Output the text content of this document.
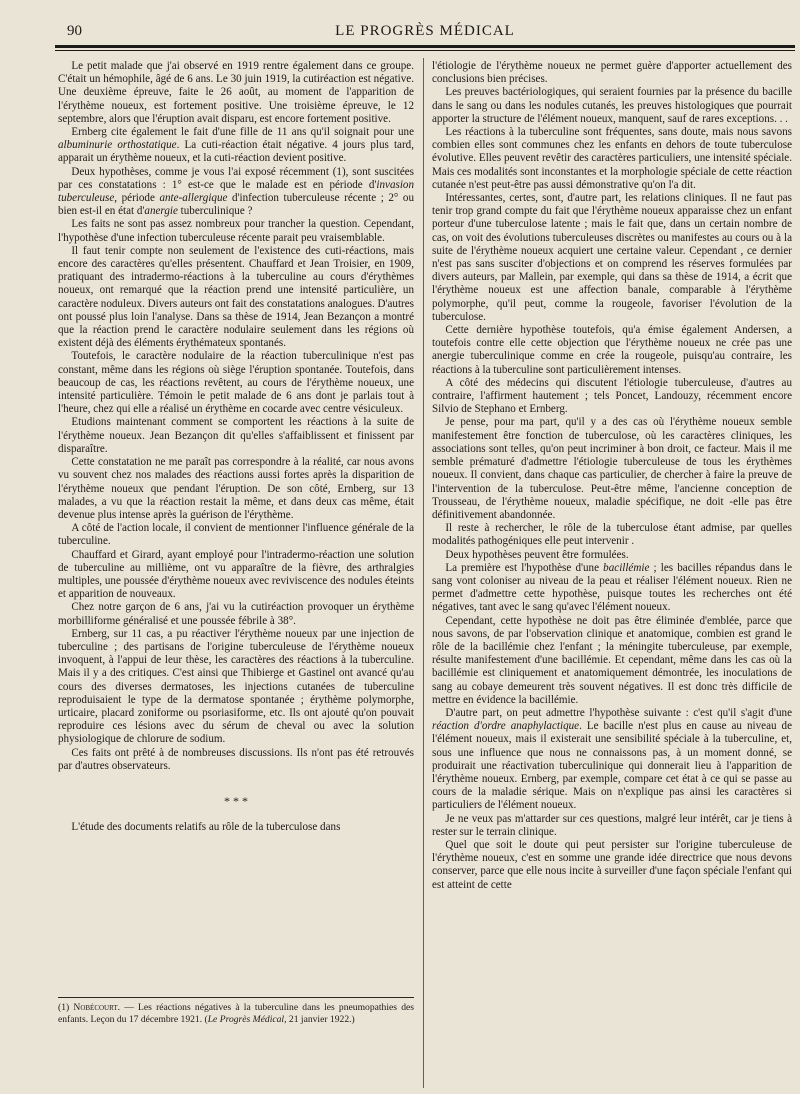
90	LE PROGRÈS MÉDICAL

Le petit malade que j'ai observé en 1919 rentre également dans ce groupe. C'était un hémophile, âgé de 6 ans. Le 30 juin 1919, la cutiréaction est négative. Une deuxième épreuve, faite le 26 août, au moment de l'apparition de l'érythème noueux, est fortement positive. Une troisième épreuve, le 12 septembre, alors que l'éruption avait disparu, est encore fortement positive.

Ernberg cite également le fait d'une fille de 11 ans qu'il soignait pour une albuminurie orthostatique. La cuti-réaction était négative. 4 jours plus tard, apparait un érythème noueux, et la cuti-réaction devient positive.

Deux hypothèses, comme je vous l'ai exposé récemment (1), sont suscitées par ces constatations : 1° est-ce que le malade est en période d'invasion tuberculeuse, période ante-allergique d'infection tuberculeuse récente ; 2° ou bien est-il en état d'anergie tuberculinique ?

Les faits ne sont pas assez nombreux pour trancher la question. Cependant, l'hypothèse d'une infection tuberculeuse récente parait peu vraisemblable.

Il faut tenir compte non seulement de l'existence des cuti-réactions, mais encore des caractères qu'elles présentent. Chauffard et Jean Troisier, en 1909, pratiquant des intradermo-réactions à la tuberculine au cours d'érythèmes noueux, ont remarqué que la réaction prend une intensité particulière, un caractère noduleux. Divers auteurs ont fait des constatations analogues. D'autres ont poussé plus loin l'analyse. Dans sa thèse de 1914, Jean Bezançon a montré que la réaction prend le caractère nodulaire seulement dans les régions où existent déjà des éléments érythémateux spontanés.

Toutefois, le caractère nodulaire de la réaction tuberculinique n'est pas constant, même dans les régions où siège l'éruption spontanée. Toutefois, dans beaucoup de cas, les réactions revêtent, au cours de l'érythème noueux, une intensité particulière. Témoin le petit malade de 6 ans dont je parlais tout à l'heure, chez qui elle a réalisé un érythème en cocarde avec centre vésiculeux.

Etudions maintenant comment se comportent les réactions à la suite de l'érythème noueux. Jean Bezançon dit qu'elles s'affaiblissent et finissent par disparaître.

Cette constatation ne me paraît pas correspondre à la réalité, car nous avons vu souvent chez nos malades des réactions aussi fortes après la disparition de l'érythème noueux que pendant l'éruption. De son côté, Ernberg, sur 13 malades, a vu que la réaction restait la même, et dans deux cas même, était devenue plus intense après la guérison de l'érythème.

A côté de l'action locale, il convient de mentionner l'influence générale de la tuberculine.

Chauffard et Girard, ayant employé pour l'intradermo-réaction une solution de tuberculine au millième, ont vu apparaître de la fièvre, des arthralgies multiples, une poussée d'érythème noueux avec reviviscence des nodules éteints et apparition de nouveaux.

Chez notre garçon de 6 ans, j'ai vu la cutiréaction provoquer un érythème morbilliforme généralisé et une poussée fébrile à 38°.

Ernberg, sur 11 cas, a pu réactiver l'érythème noueux par une injection de tuberculine ; des partisans de l'origine tuberculeuse de l'érythème noueux invoquent, à l'appui de leur thèse, les caractères des réactions à la tuberculine. Mais il y a des critiques. C'est ainsi que Thibierge et Gastinel ont avancé qu'au cours des diverses dermatoses, les injections cutanées de tuberculine reproduisaient le type de la dermatose spontanée ; érythème polymorphe, urticaire, placard zoniforme ou psoriasiforme, etc. Ils ont ajouté qu'on pouvait reproduire ces lésions avec du sérum de cheval ou avec la solution physiologique de chlorure de sodium.

Ces faits ont prêté à de nombreuses discussions. Ils n'ont pas été retrouvés par d'autres observateurs.

* * *

L'étude des documents relatifs au rôle de la tuberculose dans

l'étiologie de l'érythème noueux ne permet guère d'apporter actuellement des conclusions bien précises.

Les preuves bactériologiques, qui seraient fournies par la présence du bacille dans le sang ou dans les nodules cutanés, les preuves histologiques que pourrait apporter la structure de l'élément noueux, manquent, sauf de rares exceptions. . .

Les réactions à la tuberculine sont fréquentes, sans doute, mais nous savons combien elles sont communes chez les enfants en dehors de toute tuberculose évolutive. Elles peuvent revêtir des caractères particuliers, une intensité spéciale. Mais ces modalités sont inconstantes et la morphologie spéciale de cette réaction cutanée n'est peut-être pas aussi démonstrative qu'on l'a dit.

Intéressantes, certes, sont, d'autre part, les relations cliniques. Il ne faut pas tenir trop grand compte du fait que l'érythème noueux apparaisse chez un enfant porteur d'une tuberculose latente ; mais le fait que, dans un certain nombre de cas, on voit des évolutions tuberculeuses discrètes ou manifestes au cours ou à la suite de l'érythème noueux acquiert une certaine valeur. Cependant , ce dernier n'est pas sans susciter d'objections et on comprend les réserves formulées par divers auteurs, par Mallein, par exemple, qui dans sa thèse de 1914, a écrit que l'érythème noueux est une affection banale, comparable à l'érythème polymorphe, qu'il peut, comme la rougeole, favoriser l'évolution de la tuberculose.

Cette dernière hypothèse toutefois, qu'a émise également Andersen, a toutefois contre elle cette objection que l'érythème noueux ne crée pas une anergie tuberculinique comme en crée la rougeole, puisqu'au contraire, les réactions à la tuberculine sont particulièrement intenses.

A côté des médecins qui discutent l'étiologie tuberculeuse, d'autres au contraire, l'affirment hautement ; tels Poncet, Landouzy, récemment encore Silvio de Stephano et Ernberg.

Je pense, pour ma part, qu'il y a des cas où l'érythème noueux semble manifestement être fonction de tuberculose, où les caractères cliniques, les associations sont telles, qu'on peut incriminer à bon droit, ce facteur. Mais il me semble prématuré d'admettre l'étiologie tuberculeuse de tous les érythèmes noueux. Il convient, dans chaque cas particulier, de chercher à faire la preuve de l'intervention de la tuberculose. Peut-être même, l'ancienne conception de Trousseau, de l'érythème noueux, maladie spécifique, ne doit -elle pas être définitivement abandonnée.

Il reste à rechercher, le rôle de la tuberculose étant admise, par quelles modalités pathogéniques elle peut intervenir .

Deux hypothèses peuvent être formulées.

La première est l'hypothèse d'une bacillémie ; les bacilles répandus dans le sang vont coloniser au niveau de la peau et réaliser l'élément noueux. Rien ne permet d'admettre cette hypothèse, puisque toutes les recherches ont été négatives, tant avec le sang qu'avec l'élément noueux.

Cependant, cette hypothèse ne doit pas être éliminée d'emblée, parce que nous savons, de par l'observation clinique et anatomique, combien est grand le rôle de la bacillémie chez l'enfant ; la méningite tuberculeuse, par exemple, résulte manifestement d'une bacillémie. Et cependant, même dans les cas où la bacillémie est cliniquement et anatomiquement démontrée, les inoculations de sang au cobaye demeurent très souvent négatives. Il est donc très difficile de mettre en évidence la bacillémie.

D'autre part, on peut admettre l'hypothèse suivante : c'est qu'il s'agit d'une réaction d'ordre anaphylactique. Le bacille n'est plus en cause au niveau de l'élément noueux, mais il existerait une sensibilité spéciale à la tuberculine, et, sous une influence que nous ne connaissons pas, à un moment donné, se produirait une réactivation tuberculinique qui donnerait lieu à l'apparition de l'érythème noueux. Ernberg, par exemple, compare cet état à ce qui se passe au cours de la maladie sérique. Mais on n'explique pas ainsi les caractères si particuliers de l'élément noueux.

Je ne veux pas m'attarder sur ces questions, malgré leur intérêt, car je tiens à rester sur le terrain clinique.

Quel que soit le doute qui peut persister sur l'origine tuberculeuse de l'érythème noueux, c'est en somme une grande idée directrice que nous devons conserver, parce que elle nous incite à surveiller d'une façon spéciale l'enfant qui est atteint de cette

(1) Nobécourt. — Les réactions négatives à la tuberculine dans les pneumopathies des enfants. Leçon du 17 décembre 1921. (Le Progrès Médical, 21 janvier 1922.)
